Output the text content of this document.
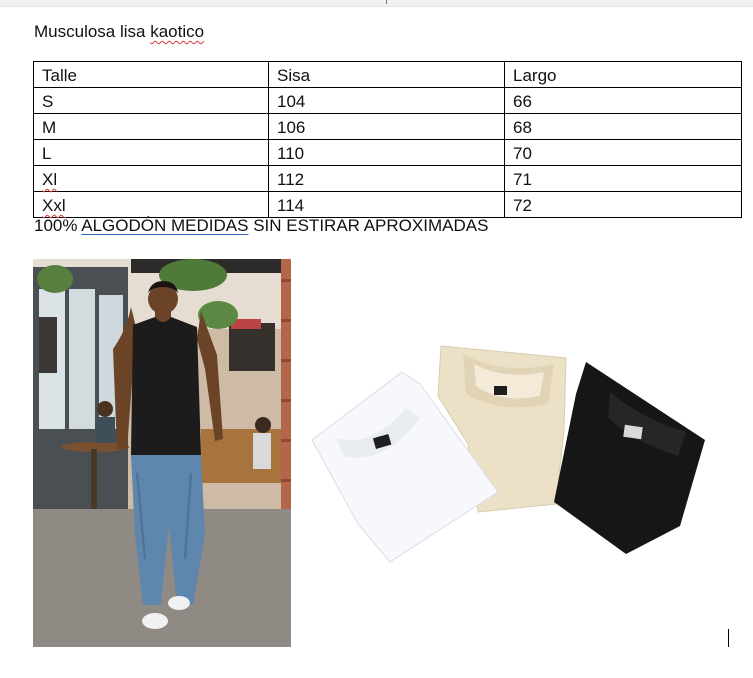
Musculosa lisa kaotico
Talle	Sisa	Largo
S	104	66
M	106	68
L	110	70
Xl	112	71
Xxl	114	72
100% ALGODÓN MEDIDAS SIN ESTIRAR APROXIMADAS
